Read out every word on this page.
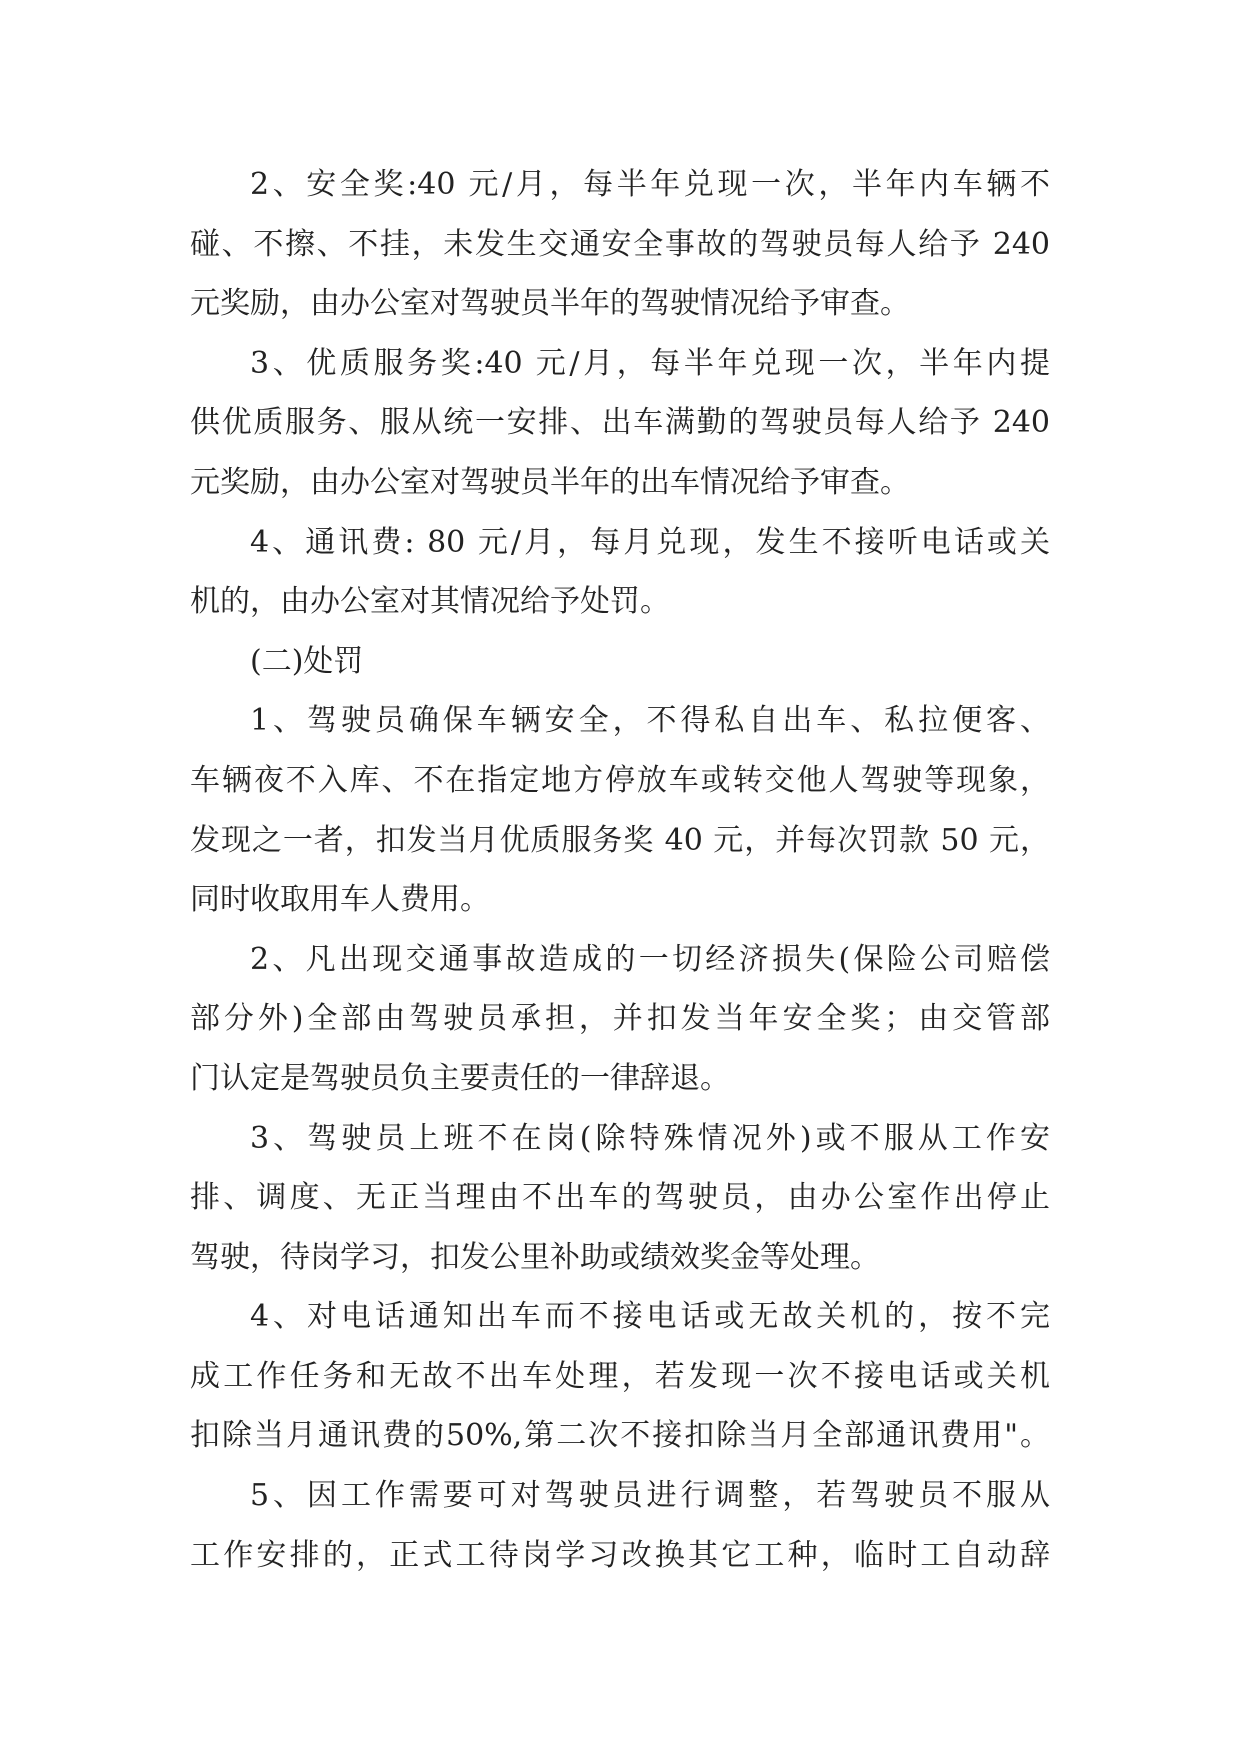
2、安全奖:40 元/月，每半年兑现一次，半年内车辆不
碰、不擦、不挂，未发生交通安全事故的驾驶员每人给予 240
元奖励，由办公室对驾驶员半年的驾驶情况给予审查。
3、优质服务奖:40 元/月，每半年兑现一次，半年内提
供优质服务、服从统一安排、出车满勤的驾驶员每人给予 240
元奖励，由办公室对驾驶员半年的出车情况给予审查。
4、通讯费: 80 元/月，每月兑现，发生不接听电话或关
机的，由办公室对其情况给予处罚。
(二)处罚
1、驾驶员确保车辆安全，不得私自出车、私拉便客、
车辆夜不入库、不在指定地方停放车或转交他人驾驶等现象，
发现之一者，扣发当月优质服务奖 40 元，并每次罚款 50 元，
同时收取用车人费用。
2、凡出现交通事故造成的一切经济损失(保险公司赔偿
部分外)全部由驾驶员承担，并扣发当年安全奖；由交管部
门认定是驾驶员负主要责任的一律辞退。
3、驾驶员上班不在岗(除特殊情况外)或不服从工作安
排、调度、无正当理由不出车的驾驶员，由办公室作出停止
驾驶，待岗学习，扣发公里补助或绩效奖金等处理。
4、对电话通知出车而不接电话或无故关机的，按不完
成工作任务和无故不出车处理，若发现一次不接电话或关机
扣除当月通讯费的50%,第二次不接扣除当月全部通讯费用"。
5、因工作需要可对驾驶员进行调整，若驾驶员不服从
工作安排的，正式工待岗学习改换其它工种，临时工自动辞
